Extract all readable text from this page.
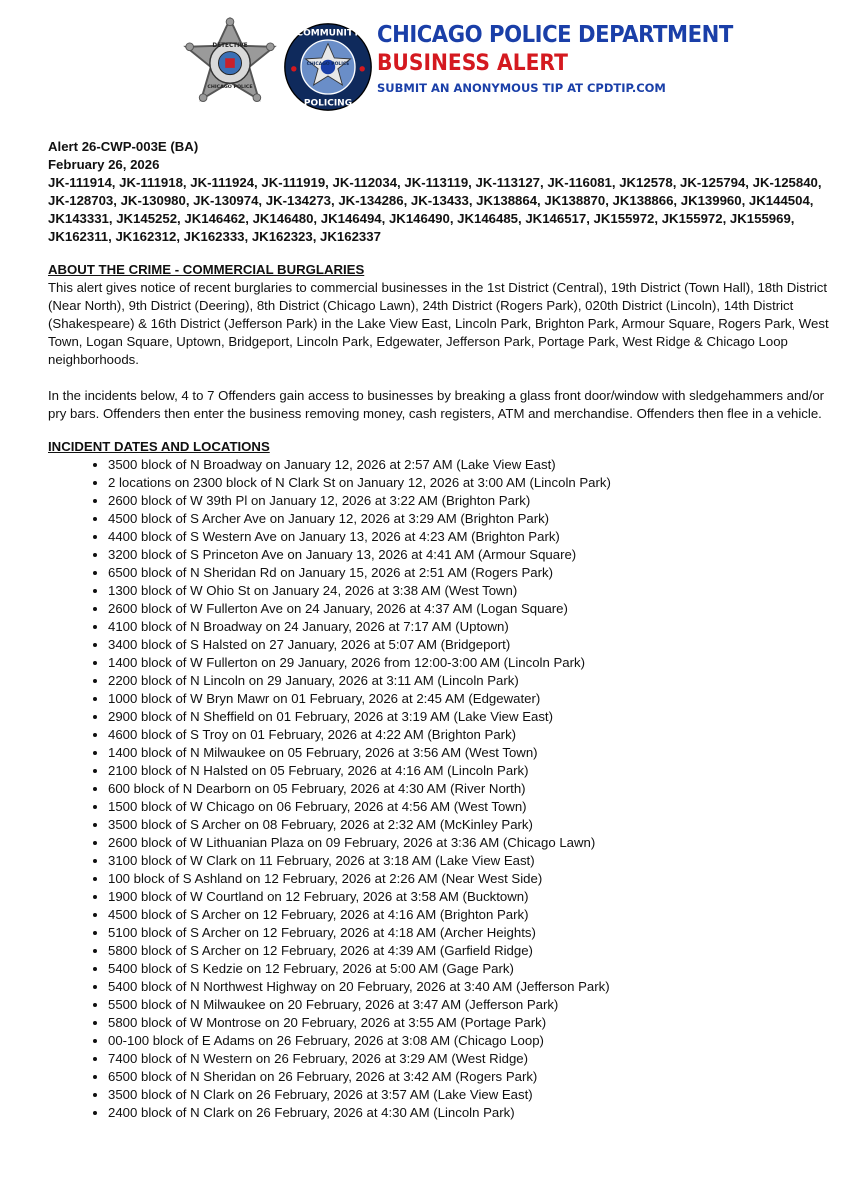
DETECTIVE
CHICAGO POLICE
COMMUNITY
CHICAGO POLICE
POLICING
CHICAGO POLICE DEPARTMENT
BUSINESS ALERT
SUBMIT AN ANONYMOUS TIP AT CPDTIP.COM
Alert 26-CWP-003E (BA)
February 26, 2026

JK-111914, JK-111918, JK-111924, JK-111919, JK-112034, JK-113119, JK-113127, JK-116081, JK12578, JK-125794, JK-125840, JK-128703, JK-130980, JK-130974, JK-134273, JK-134286, JK-13433, JK138864, JK138870, JK138866, JK139960, JK144504, JK143331, JK145252, JK146462, JK146480, JK146494, JK146490, JK146485, JK146517, JK155972, JK155972, JK155969, JK162311, JK162312, JK162333, JK162323, JK162337

ABOUT THE CRIME - COMMERCIAL BURGLARIES

This alert gives notice of recent burglaries to commercial businesses in the 1st District (Central), 19th District (Town Hall), 18th District (Near North), 9th District (Deering), 8th District (Chicago Lawn), 24th District (Rogers Park), 020th District (Lincoln), 14th District (Shakespeare) & 16th District (Jefferson Park) in the Lake View East, Lincoln Park, Brighton Park, Armour Square, Rogers Park, West Town, Logan Square, Uptown, Bridgeport, Lincoln Park, Edgewater, Jefferson Park, Portage Park, West Ridge & Chicago Loop neighborhoods.

In the incidents below, 4 to 7 Offenders gain access to businesses by breaking a glass front door/window with sledgehammers and/or pry bars. Offenders then enter the business removing money, cash registers, ATM and merchandise. Offenders then flee in a vehicle.

INCIDENT DATES AND LOCATIONS
• 3500 block of N Broadway on January 12, 2026 at 2:57 AM (Lake View East)
• 2 locations on 2300 block of N Clark St on January 12, 2026 at 3:00 AM (Lincoln Park)
• 2600 block of W 39th Pl on January 12, 2026 at 3:22 AM (Brighton Park)
• 4500 block of S Archer Ave on January 12, 2026 at 3:29 AM (Brighton Park)
• 4400 block of S Western Ave on January 13, 2026 at 4:23 AM (Brighton Park)
• 3200 block of S Princeton Ave on January 13, 2026 at 4:41 AM (Armour Square)
• 6500 block of N Sheridan Rd on January 15, 2026 at 2:51 AM (Rogers Park)
• 1300 block of W Ohio St on January 24, 2026 at 3:38 AM (West Town)
• 2600 block of W Fullerton Ave on 24 January, 2026 at 4:37 AM (Logan Square)
• 4100 block of N Broadway on 24 January, 2026 at 7:17 AM (Uptown)
• 3400 block of S Halsted on 27 January, 2026 at 5:07 AM (Bridgeport)
• 1400 block of W Fullerton on 29 January, 2026 from 12:00-3:00 AM (Lincoln Park)
• 2200 block of N Lincoln on 29 January, 2026 at 3:11 AM (Lincoln Park)
• 1000 block of W Bryn Mawr on 01 February, 2026 at 2:45 AM (Edgewater)
• 2900 block of N Sheffield on 01 February, 2026 at 3:19 AM (Lake View East)
• 4600 block of S Troy on 01 February, 2026 at 4:22 AM (Brighton Park)
• 1400 block of N Milwaukee on 05 February, 2026 at 3:56 AM (West Town)
• 2100 block of N Halsted on 05 February, 2026 at 4:16 AM (Lincoln Park)
• 600 block of N Dearborn on 05 February, 2026 at 4:30 AM (River North)
• 1500 block of W Chicago on 06 February, 2026 at 4:56 AM (West Town)
• 3500 block of S Archer on 08 February, 2026 at 2:32 AM (McKinley Park)
• 2600 block of W Lithuanian Plaza on 09 February, 2026 at 3:36 AM (Chicago Lawn)
• 3100 block of W Clark on 11 February, 2026 at 3:18 AM (Lake View East)
• 100 block of S Ashland on 12 February, 2026 at 2:26 AM (Near West Side)
• 1900 block of W Courtland on 12 February, 2026 at 3:58 AM (Bucktown)
• 4500 block of S Archer on 12 February, 2026 at 4:16 AM (Brighton Park)
• 5100 block of S Archer on 12 February, 2026 at 4:18 AM (Archer Heights)
• 5800 block of S Archer on 12 February, 2026 at 4:39 AM (Garfield Ridge)
• 5400 block of S Kedzie on 12 February, 2026 at 5:00 AM (Gage Park)
• 5400 block of N Northwest Highway on 20 February, 2026 at 3:40 AM (Jefferson Park)
• 5500 block of N Milwaukee on 20 February, 2026 at 3:47 AM (Jefferson Park)
• 5800 block of W Montrose on 20 February, 2026 at 3:55 AM (Portage Park)
• 00-100 block of E Adams on 26 February, 2026 at 3:08 AM (Chicago Loop)
• 7400 block of N Western on 26 February, 2026 at 3:29 AM (West Ridge)
• 6500 block of N Sheridan on 26 February, 2026 at 3:42 AM (Rogers Park)
• 3500 block of N Clark on 26 February, 2026 at 3:57 AM (Lake View East)
• 2400 block of N Clark on 26 February, 2026 at 4:30 AM (Lincoln Park)
